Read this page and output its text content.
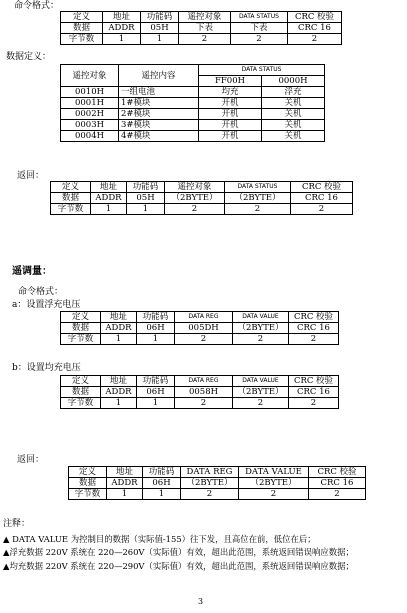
命令格式：
定义	地址	功能码	遥控对象	DATA STATUS	CRC 校验
数据	ADDR	05H	下表	下表	CRC 16
字节数	1	1	2	2	2
数据定义：
遥控对象	遥控内容	DATA STATUS	
		FF00H	0000H
0010H	一组电池	均充	浮充
0001H	1#模块	开机	关机
0002H	2#模块	开机	关机
0003H	3#模块	开机	关机
0004H	4#模块	开机	关机
返回：
定义	地址	功能码	遥控对象	DATA STATUS	CRC 校验
数据	ADDR	05H	（2BYTE）	（2BYTE）	CRC 16
字节数	1	1	2	2	2
遥调量：
命令格式：
a：设置浮充电压
定义	地址	功能码	DATA REG	DATA VALUE	CRC 校验
数据	ADDR	06H	005DH	（2BYTE）	CRC 16
字节数	1	1	2	2	2
b：设置均充电压
定义	地址	功能码	DATA REG	DATA VALUE	CRC 校验
数据	ADDR	06H	0058H	（2BYTE）	CRC 16
字节数	1	1	2	2	2
返回：
定义	地址	功能码	DATA REG	DATA VALUE	CRC 校验
数据	ADDR	06H	（2BYTE）	（2BYTE）	CRC 16
字节数	1	1	2	2	2
注释：
▲ DATA VALUE 为控制目的数据（实际值-155）往下发，且高位在前，低位在后；
▲浮充数据 220V 系统在 220—260V（实际值）有效，超出此范围，系统返回错误响应数据；
▲均充数据 220V 系统在 220—290V（实际值）有效，超出此范围，系统返回错误响应数据；
3
